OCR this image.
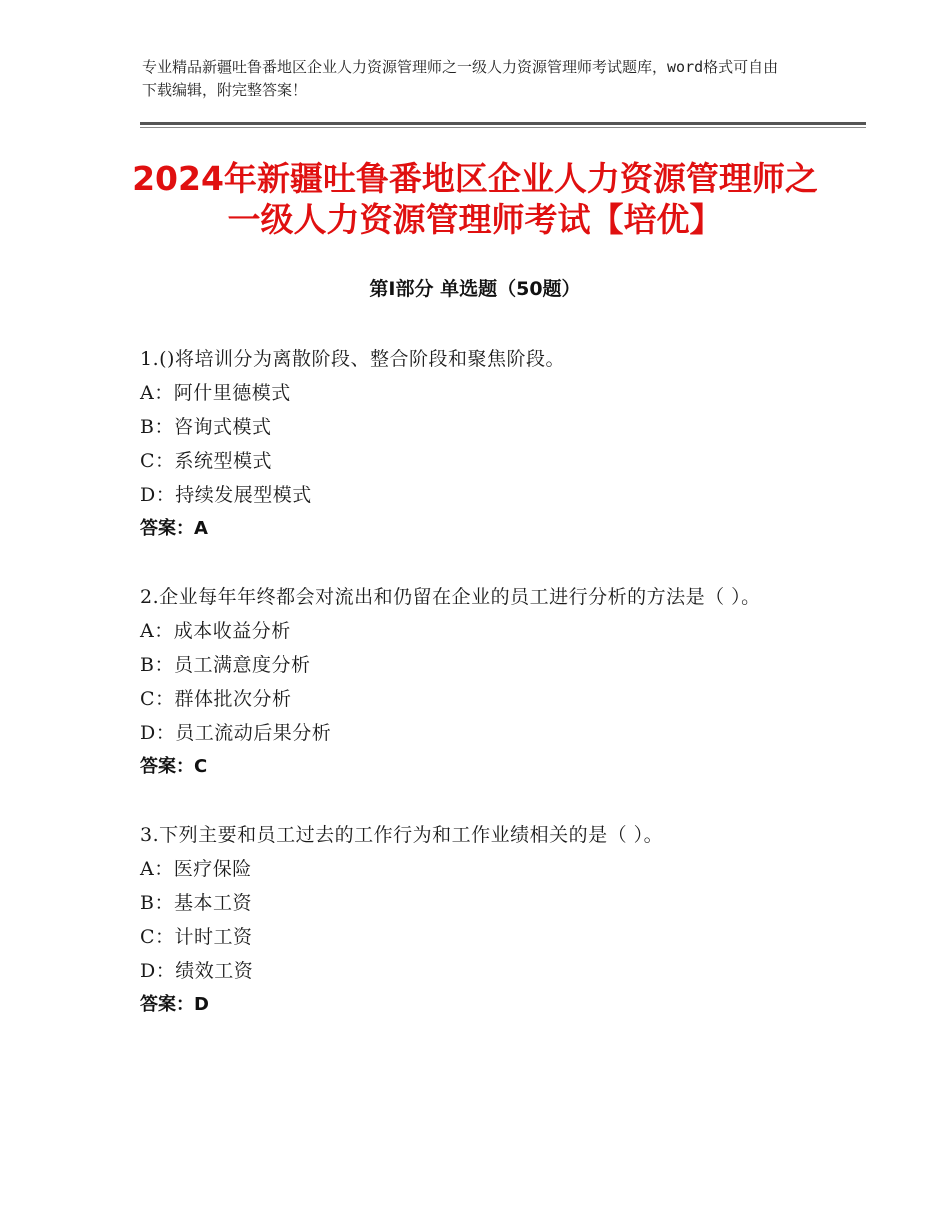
专业精品新疆吐鲁番地区企业人力资源管理师之一级人力资源管理师考试题库，word格式可自由下载编辑，附完整答案！
2024年新疆吐鲁番地区企业人力资源管理师之一级人力资源管理师考试【培优】
第Ⅰ部分 单选题（50题）
1.()将培训分为离散阶段、整合阶段和聚焦阶段。
A：阿什里德模式
B：咨询式模式
C：系统型模式
D：持续发展型模式
答案：A
2.企业每年年终都会对流出和仍留在企业的员工进行分析的方法是（ ）。
A：成本收益分析
B：员工满意度分析
C：群体批次分析
D：员工流动后果分析
答案：C
3.下列主要和员工过去的工作行为和工作业绩相关的是（ ）。
A：医疗保险
B：基本工资
C：计时工资
D：绩效工资
答案：D
